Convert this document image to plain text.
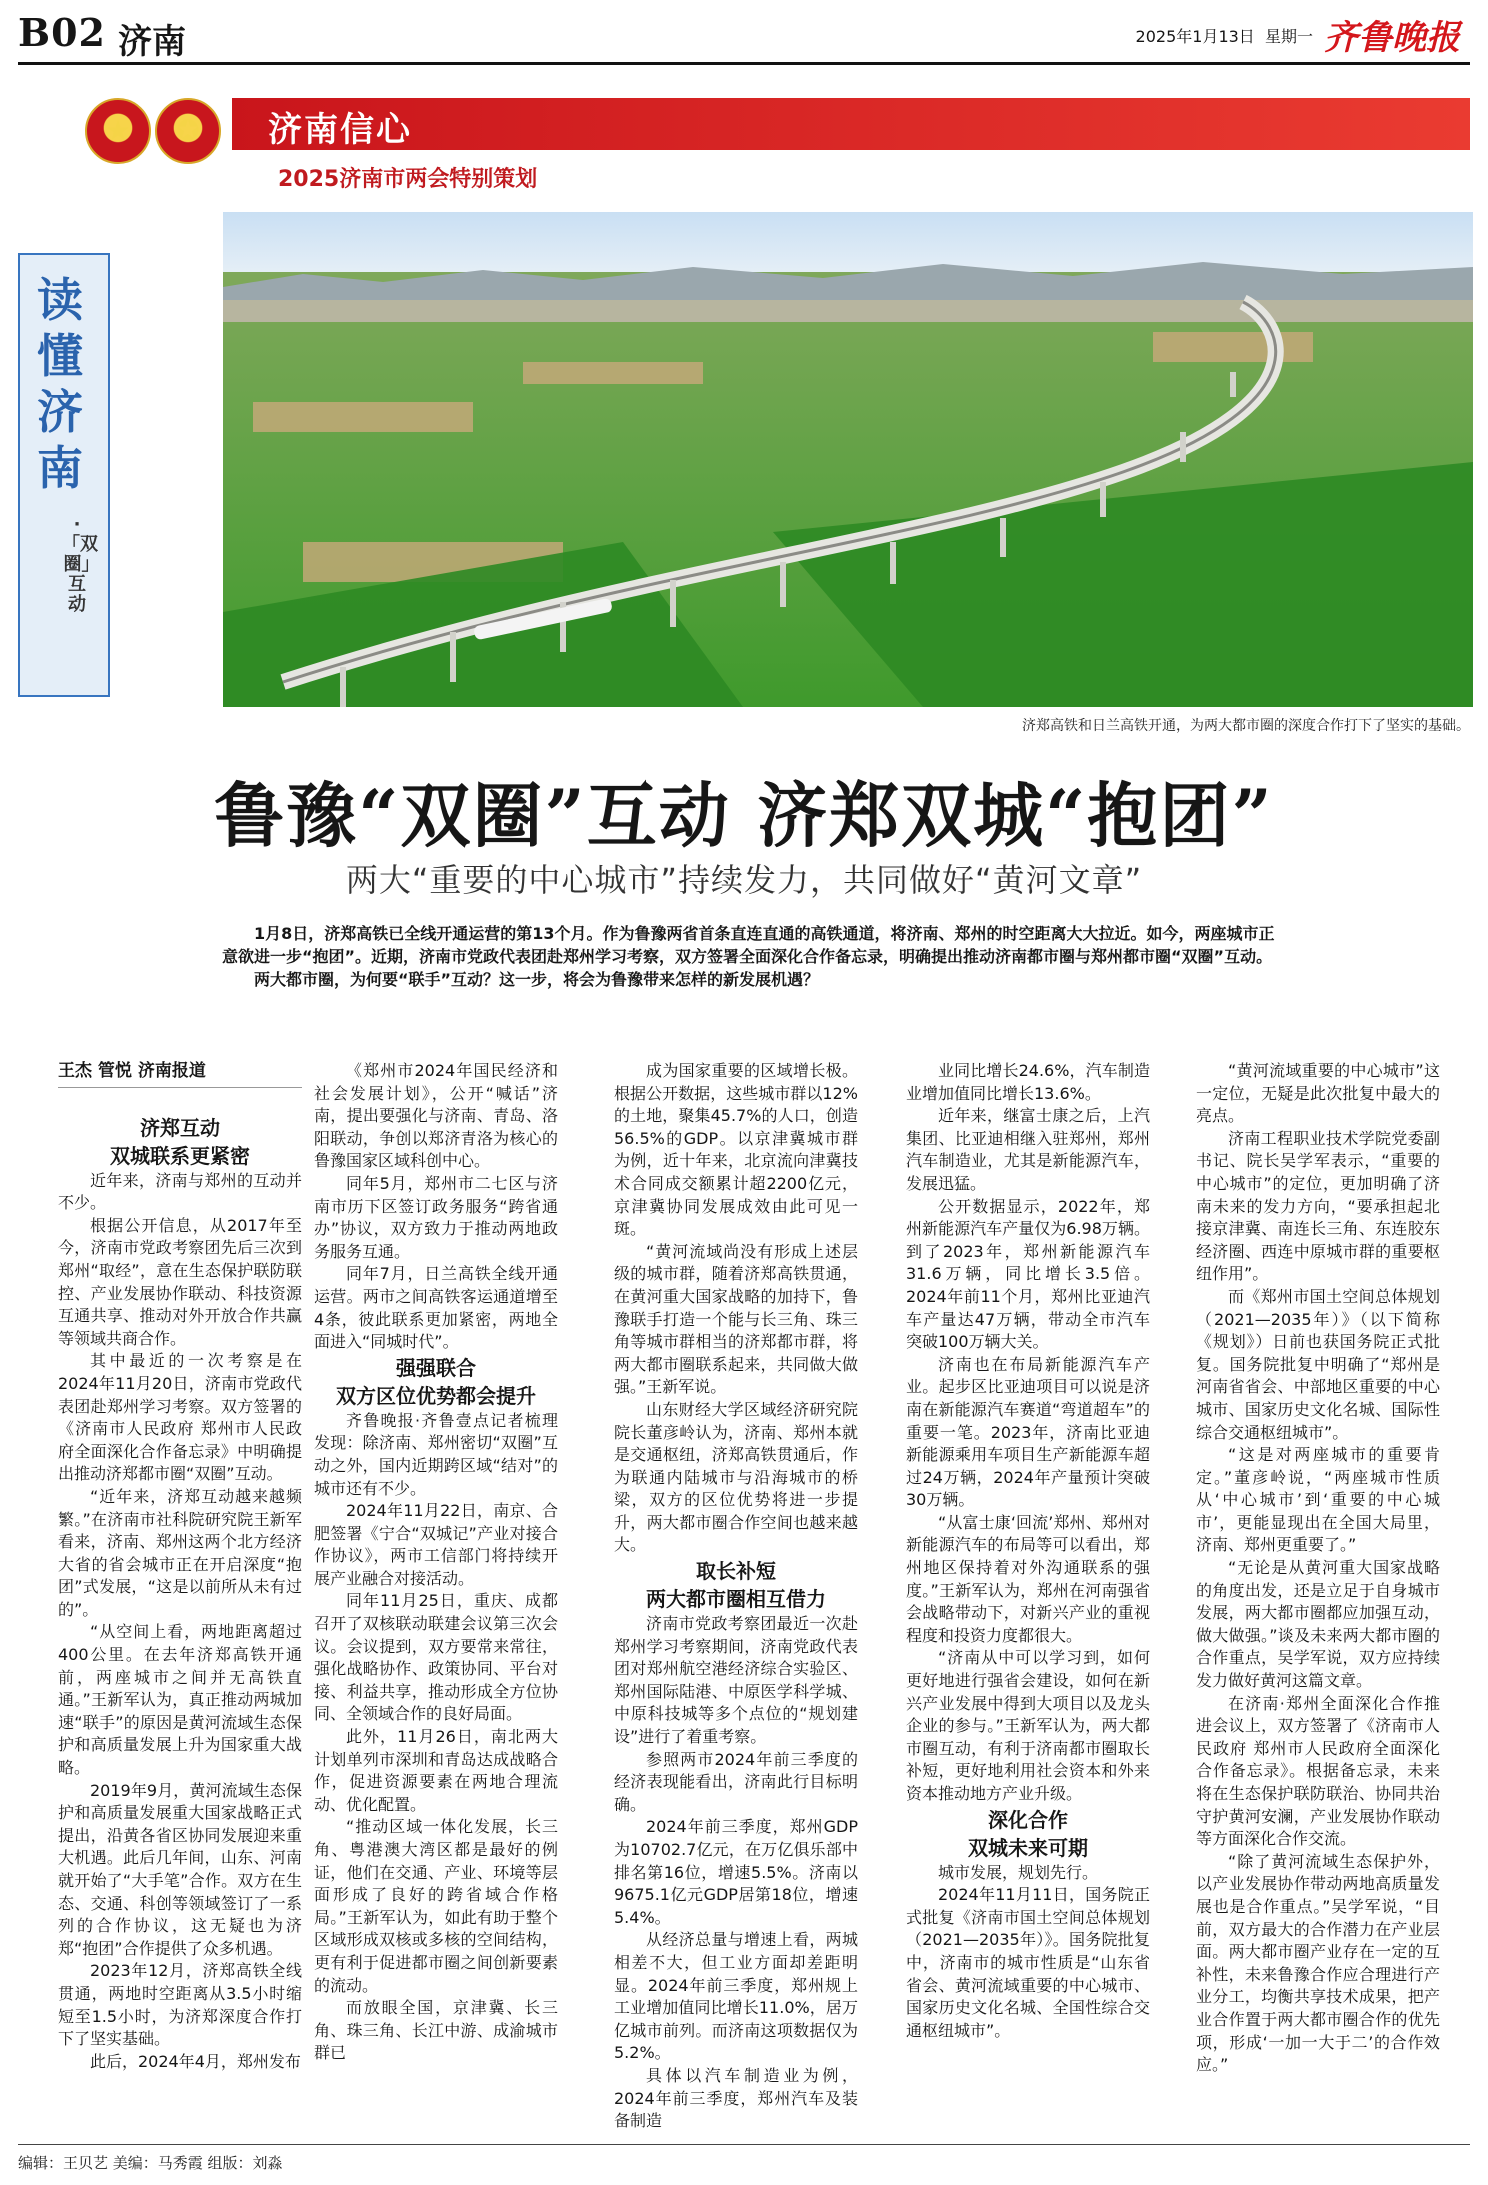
B02 济南	2025年1月13日 星期一 齐鲁晚报
★	✪	济南信心
2025济南市两会特别策划
读懂济南
·「双圈」互动
济郑高铁和日兰高铁开通，为两大都市圈的深度合作打下了坚实的基础。
鲁豫“双圈”互动 济郑双城“抱团”
两大“重要的中心城市”持续发力，共同做好“黄河文章”

1月8日，济郑高铁已全线开通运营的第13个月。作为鲁豫两省首条直连直通的高铁通道，将济南、郑州的时空距离大大拉近。如今，两座城市正意欲进一步“抱团”。近期，济南市党政代表团赴郑州学习考察，双方签署全面深化合作备忘录，明确提出推动济南都市圈与郑州都市圈“双圈”互动。

两大都市圈，为何要“联手”互动？这一步，将会为鲁豫带来怎样的新发展机遇？

王杰 管悦 济南报道

济郑互动
双城联系更紧密

近年来，济南与郑州的互动并不少。

根据公开信息，从2017年至今，济南市党政考察团先后三次到郑州“取经”，意在生态保护联防联控、产业发展协作联动、科技资源互通共享、推动对外开放合作共赢等领域共商合作。

其中最近的一次考察是在2024年11月20日，济南市党政代表团赴郑州学习考察。双方签署的《济南市人民政府 郑州市人民政府全面深化合作备忘录》中明确提出推动济郑都市圈“双圈”互动。

“近年来，济郑互动越来越频繁。”在济南市社科院研究院王新军看来，济南、郑州这两个北方经济大省的省会城市正在开启深度“抱团”式发展，“这是以前所从未有过的”。

“从空间上看，两地距离超过400公里。在去年济郑高铁开通前，两座城市之间并无高铁直通。”王新军认为，真正推动两城加速“联手”的原因是黄河流域生态保护和高质量发展上升为国家重大战略。

2019年9月，黄河流域生态保护和高质量发展重大国家战略正式提出，沿黄各省区协同发展迎来重大机遇。此后几年间，山东、河南就开始了“大手笔”合作。双方在生态、交通、科创等领域签订了一系列的合作协议，这无疑也为济郑“抱团”合作提供了众多机遇。

2023年12月，济郑高铁全线贯通，两地时空距离从3.5小时缩短至1.5小时，为济郑深度合作打下了坚实基础。

此后，2024年4月，郑州发布

《郑州市2024年国民经济和社会发展计划》，公开“喊话”济南，提出要强化与济南、青岛、洛阳联动，争创以郑济青洛为核心的鲁豫国家区域科创中心。

同年5月，郑州市二七区与济南市历下区签订政务服务“跨省通办”协议，双方致力于推动两地政务服务互通。

同年7月，日兰高铁全线开通运营。两市之间高铁客运通道增至4条，彼此联系更加紧密，两地全面进入“同城时代”。

强强联合
双方区位优势都会提升

齐鲁晚报·齐鲁壹点记者梳理发现：除济南、郑州密切“双圈”互动之外，国内近期跨区域“结对”的城市还有不少。

2024年11月22日，南京、合肥签署《宁合“双城记”产业对接合作协议》，两市工信部门将持续开展产业融合对接活动。

同年11月25日，重庆、成都召开了双核联动联建会议第三次会议。会议提到，双方要常来常往，强化战略协作、政策协同、平台对接、利益共享，推动形成全方位协同、全领域合作的良好局面。

此外，11月26日，南北两大计划单列市深圳和青岛达成战略合作，促进资源要素在两地合理流动、优化配置。

“推动区域一体化发展，长三角、粤港澳大湾区都是最好的例证，他们在交通、产业、环境等层面形成了良好的跨省域合作格局。”王新军认为，如此有助于整个区域形成双核或多核的空间结构，更有利于促进都市圈之间创新要素的流动。

而放眼全国，京津冀、长三角、珠三角、长江中游、成渝城市群已

成为国家重要的区域增长极。根据公开数据，这些城市群以12%的土地，聚集45.7%的人口，创造56.5%的GDP。以京津冀城市群为例，近十年来，北京流向津冀技术合同成交额累计超2200亿元，京津冀协同发展成效由此可见一斑。

“黄河流域尚没有形成上述层级的城市群，随着济郑高铁贯通，在黄河重大国家战略的加持下，鲁豫联手打造一个能与长三角、珠三角等城市群相当的济郑都市群，将两大都市圈联系起来，共同做大做强。”王新军说。

山东财经大学区域经济研究院院长董彦岭认为，济南、郑州本就是交通枢纽，济郑高铁贯通后，作为联通内陆城市与沿海城市的桥梁，双方的区位优势将进一步提升，两大都市圈合作空间也越来越大。

取长补短
两大都市圈相互借力

济南市党政考察团最近一次赴郑州学习考察期间，济南党政代表团对郑州航空港经济综合实验区、郑州国际陆港、中原医学科学城、中原科技城等多个点位的“规划建设”进行了着重考察。

参照两市2024年前三季度的经济表现能看出，济南此行目标明确。

2024年前三季度，郑州GDP为10702.7亿元，在万亿俱乐部中排名第16位，增速5.5%。济南以9675.1亿元GDP居第18位，增速5.4%。

从经济总量与增速上看，两城相差不大，但工业方面却差距明显。2024年前三季度，郑州规上工业增加值同比增长11.0%，居万亿城市前列。而济南这项数据仅为5.2%。

具体以汽车制造业为例，2024年前三季度，郑州汽车及装备制造

业同比增长24.6%，汽车制造业增加值同比增长13.6%。

近年来，继富士康之后，上汽集团、比亚迪相继入驻郑州，郑州汽车制造业，尤其是新能源汽车，发展迅猛。

公开数据显示，2022年，郑州新能源汽车产量仅为6.98万辆。到了2023年，郑州新能源汽车31.6万辆，同比增长3.5倍。2024年前11个月，郑州比亚迪汽车产量达47万辆，带动全市汽车突破100万辆大关。

济南也在布局新能源汽车产业。起步区比亚迪项目可以说是济南在新能源汽车赛道“弯道超车”的重要一笔。2023年，济南比亚迪新能源乘用车项目生产新能源车超过24万辆，2024年产量预计突破30万辆。

“从富士康‘回流’郑州、郑州对新能源汽车的布局等可以看出，郑州地区保持着对外沟通联系的强度。”王新军认为，郑州在河南强省会战略带动下，对新兴产业的重视程度和投资力度都很大。

“济南从中可以学习到，如何更好地进行强省会建设，如何在新兴产业发展中得到大项目以及龙头企业的参与。”王新军认为，两大都市圈互动，有利于济南都市圈取长补短，更好地利用社会资本和外来资本推动地方产业升级。

深化合作
双城未来可期

城市发展，规划先行。

2024年11月11日，国务院正式批复《济南市国土空间总体规划（2021—2035年）》。国务院批复中，济南市的城市性质是“山东省省会、黄河流域重要的中心城市、国家历史文化名城、全国性综合交通枢纽城市”。

“黄河流域重要的中心城市”这一定位，无疑是此次批复中最大的亮点。

济南工程职业技术学院党委副书记、院长吴学军表示，“重要的中心城市”的定位，更加明确了济南未来的发力方向，“要承担起北接京津冀、南连长三角、东连胶东经济圈、西连中原城市群的重要枢纽作用”。

而《郑州市国土空间总体规划（2021—2035年）》（以下简称《规划》）日前也获国务院正式批复。国务院批复中明确了“郑州是河南省省会、中部地区重要的中心城市、国家历史文化名城、国际性综合交通枢纽城市”。

“这是对两座城市的重要肯定。”董彦岭说，“两座城市性质从‘中心城市’到‘重要的中心城市’，更能显现出在全国大局里，济南、郑州更重要了。”

“无论是从黄河重大国家战略的角度出发，还是立足于自身城市发展，两大都市圈都应加强互动，做大做强。”谈及未来两大都市圈的合作重点，吴学军说，双方应持续发力做好黄河这篇文章。

在济南·郑州全面深化合作推进会议上，双方签署了《济南市人民政府 郑州市人民政府全面深化合作备忘录》。根据备忘录，未来将在生态保护联防联治、协同共治守护黄河安澜，产业发展协作联动等方面深化合作交流。

“除了黄河流域生态保护外，以产业发展协作带动两地高质量发展也是合作重点。”吴学军说，“目前，双方最大的合作潜力在产业层面。两大都市圈产业存在一定的互补性，未来鲁豫合作应合理进行产业分工，均衡共享技术成果，把产业合作置于两大都市圈合作的优先项，形成‘一加一大于二’的合作效应。”

编辑：王贝艺 美编：马秀霞 组版：刘淼
